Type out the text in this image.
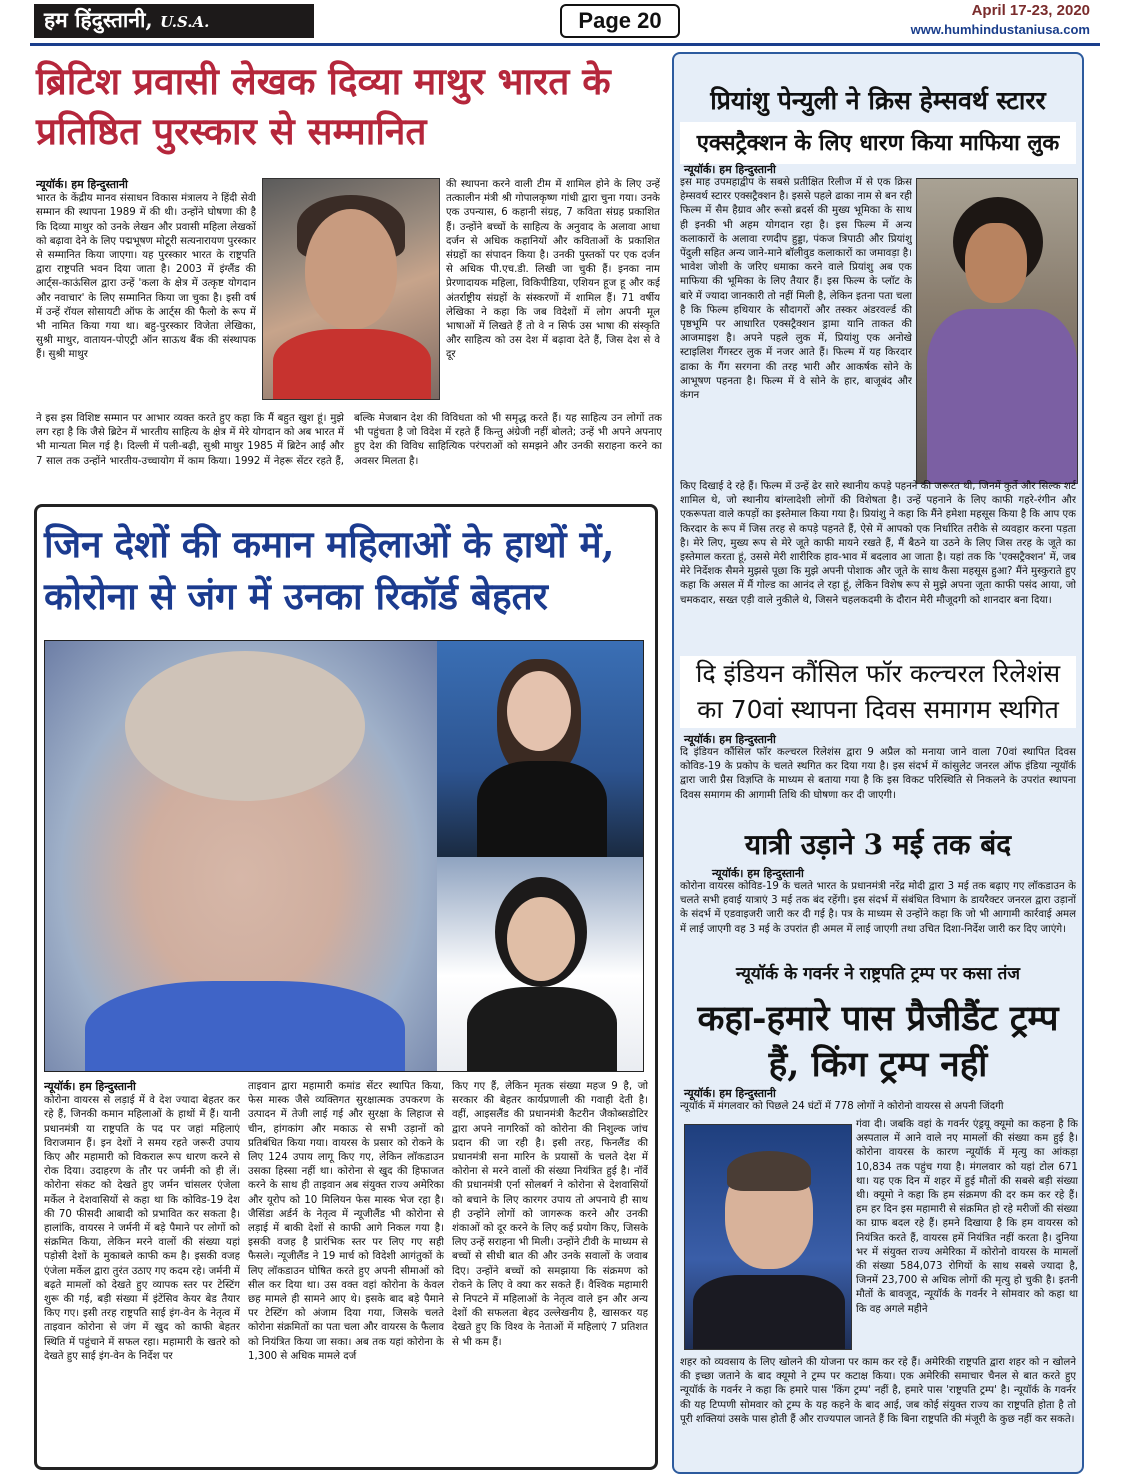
हम हिंदुस्तानी, U.S.A.	Page 20	April 17-23, 2020
www.humhindustaniusa.com
ब्रिटिश प्रवासी लेखक दिव्या माथुर भारत के प्रतिष्ठित पुरस्कार से सम्मानित
न्यूयॉर्क। हम हिन्दुस्तानी
भारत के केंद्रीय मानव संसाधन विकास मंत्रालय ने हिंदी सेवी सम्मान की स्थापना 1989 में की थी। उन्होंने घोषणा की है कि दिव्या माथुर को उनके लेखन और प्रवासी महिला लेखकों को बढ़ावा देने के लिए पद्मभूषण मोटूरी सत्यनारायण पुरस्कार से सम्मानित किया जाएगा। यह पुरस्कार भारत के राष्ट्रपति द्वारा राष्ट्रपति भवन दिया जाता है। 2003 में इंग्लैंड की आर्ट्स-काऊंसिल द्वारा उन्हें 'कला के क्षेत्र में उत्कृष्ट योगदान और नवाचार' के लिए सम्मानित किया जा चुका है। इसी वर्ष में उन्हें रॉयल सोसायटी ऑफ के आर्ट्स की फैलो के रूप में भी नामित किया गया था। बहु-पुरस्कार विजेता लेखिका, सुश्री माथुर, वातायन-पोएट्री ऑन साऊथ बैंक की संस्थापक हैं। सुश्री माथुर
की स्थापना करने वाली टीम में शामिल होने के लिए उन्हें तत्कालीन मंत्री श्री गोपालकृष्ण गांधी द्वारा चुना गया। उनके एक उपन्यास, 6 कहानी संग्रह, 7 कविता संग्रह प्रकाशित हैं। उन्होंने बच्चों के साहित्य के अनुवाद के अलावा आधा दर्जन से अधिक कहानियों और कविताओं के प्रकाशित संग्रहों का संपादन किया है। उनकी पुस्तकों पर एक दर्जन से अधिक पी.एच.डी. लिखी जा चुकी हैं। इनका नाम प्रेरणादायक महिला, विकिपीडिया, एशियन हूज हू और कई अंतर्राष्ट्रीय संग्रहों के संस्करणों में शामिल हैं। 71 वर्षीय लेखिका ने कहा कि जब विदेशों में लोग अपनी मूल भाषाओं में लिखते हैं तो वे न सिर्फ उस भाषा की संस्कृति और साहित्य को उस देश में बढ़ावा देते हैं, जिस देश से वे दूर
ने इस इस विशिष्ट सम्मान पर आभार व्यक्त करते हुए कहा कि मैं बहुत खुश हूं। मुझे लग रहा है कि जैसे ब्रिटेन में भारतीय साहित्य के क्षेत्र में मेरे योगदान को अब भारत में भी मान्यता मिल गई है। दिल्ली में पली-बढ़ी, सुश्री माथुर 1985 में ब्रिटेन आईं और 7 साल तक उन्होंने भारतीय-उच्चायोग में काम किया। 1992 में नेहरू सेंटर रहते हैं, बल्कि मेजबान देश की विविधता को भी समृद्ध करते हैं। यह साहित्य उन लोगों तक भी पहुंचता है जो विदेश में रहते हैं किन्तु अंग्रेजी नहीं बोलते; उन्हें भी अपने अपनाए हुए देश की विविध साहित्यिक परंपराओं को समझने और उनकी सराहना करने का अवसर मिलता है।
जिन देशों की कमान महिलाओं के हाथों में, कोरोना से जंग में उनका रिकॉर्ड बेहतर
न्यूयॉर्क। हम हिन्दुस्तानी
कोरोना वायरस से लड़ाई में वे देश ज्यादा बेहतर कर रहे हैं, जिनकी कमान महिलाओं के हाथों में हैं। यानी प्रधानमंत्री या राष्ट्रपति के पद पर जहां महिलाएं विराजमान हैं। इन देशों ने समय रहते जरूरी उपाय किए और महामारी को विकराल रूप धारण करने से रोक दिया। उदाहरण के तौर पर जर्मनी को ही लें। कोरोना संकट को देखते हुए जर्मन चांसलर एंजेला मर्केल ने देशवासियों से कहा था कि कोविड-19 देश की 70 फीसदी आबादी को प्रभावित कर सकता है। हालांकि, वायरस ने जर्मनी में बड़े पैमाने पर लोगों को संक्रमित किया, लेकिन मरने वालों की संख्या यहां पड़ोसी देशों के मुकाबले काफी कम है। इसकी वजह एंजेला मर्केल द्वारा तुरंत उठाए गए कदम रहे। जर्मनी में बढ़ते मामलों को देखते हुए व्यापक स्तर पर टेस्टिंग शुरू की गई, बड़ी संख्या में इंटेंसिव केयर बेड तैयार किए गए। इसी तरह राष्ट्रपति साई इंग-वेन के नेतृत्व में ताइवान कोरोना से जंग में खुद को काफी बेहतर स्थिति में पहुंचाने में सफल रहा। महामारी के खतरे को देखते हुए साई इंग-वेन के निर्देश पर
ताइवान द्वारा महामारी कमांड सेंटर स्थापित किया, फेस मास्क जैसे व्यक्तिगत सुरक्षात्मक उपकरण के उत्पादन में तेजी लाई गई और सुरक्षा के लिहाज से चीन, हांगकांग और मकाऊ से सभी उड़ानों को प्रतिबंधित किया गया। वायरस के प्रसार को रोकने के लिए 124 उपाय लागू किए गए, लेकिन लॉकडाउन उसका हिस्सा नहीं था। कोरोना से खुद की हिफाजत करने के साथ ही ताइवान अब संयुक्त राज्य अमेरिका और यूरोप को 10 मिलियन फेस मास्क भेज रहा है। जैसिंडा अर्डर्न के नेतृत्व में न्यूजीलैंड भी कोरोना से लड़ाई में बाकी देशों से काफी आगे निकल गया है। इसकी वजह है प्रारंभिक स्तर पर लिए गए सही फैसले। न्यूजीलैंड ने 19 मार्च को विदेशी आगंतुकों के लिए लॉकडाउन घोषित करते हुए अपनी सीमाओं को सील कर दिया था। उस वक्त वहां कोरोना के केवल छह मामले ही सामने आए थे। इसके बाद बड़े पैमाने पर टेस्टिंग को अंजाम दिया गया, जिसके चलते कोरोना संक्रमितों का पता चला और वायरस के फैलाव को नियंत्रित किया जा सका। अब तक यहां कोरोना के 1,300 से अधिक मामले दर्ज
किए गए हैं, लेकिन मृतक संख्या महज 9 है, जो सरकार की बेहतर कार्यप्रणाली की गवाही देती है। वहीं, आइसलैंड की प्रधानमंत्री कैटरीन जैकोब्सडोटिर द्वारा अपने नागरिकों को कोरोना की निशुल्क जांच प्रदान की जा रही है। इसी तरह, फिनलैंड की प्रधानमंत्री सना मारिन के प्रयासों के चलते देश में कोरोना से मरने वालों की संख्या नियंत्रित हुई है। नॉर्वे की प्रधानमंत्री एर्ना सोलबर्ग ने कोरोना से देशवासियों को बचाने के लिए कारगर उपाय तो अपनाये ही साथ ही उन्होंने लोगों को जागरूक करने और उनकी शंकाओं को दूर करने के लिए कई प्रयोग किए, जिसके लिए उन्हें सराहना भी मिली। उन्होंने टीवी के माध्यम से बच्चों से सीधी बात की और उनके सवालों के जवाब दिए। उन्होंने बच्चों को समझाया कि संक्रमण को रोकने के लिए वे क्या कर सकते हैं। वैश्विक महामारी से निपटने में महिलाओं के नेतृत्व वाले इन और अन्य देशों की सफलता बेहद उल्लेखनीय है, खासकर यह देखते हुए कि विश्व के नेताओं में महिलाएं 7 प्रतिशत से भी कम हैं।
प्रियांशु पेन्युली ने क्रिस हेम्सवर्थ स्टारर
एक्सट्रैक्शन के लिए धारण किया माफिया लुक
न्यूयॉर्क। हम हिन्दुस्तानी
इस माह उपमहाद्वीप के सबसे प्रतीक्षित रिलीज में से एक क्रिस हेम्सवर्थ स्टारर एक्सट्रैक्शन है। इससे पहले ढाका नाम से बन रही फिल्म में सैम हैग्राव और रूसो ब्रदर्स की मुख्य भूमिका के साथ ही इनकी भी अहम योगदान रहा है। इस फिल्म में अन्य कलाकारों के अलावा रणदीप हुड्डा, पंकज त्रिपाठी और प्रियांशु पेंदुली सहित अन्य जाने-माने बॉलीवुड कलाकारों का जमावड़ा है। भावेश जोशी के जरिए धमाका करने वाले प्रियांशु अब एक माफिया की भूमिका के लिए तैयार हैं। इस फिल्म के प्लॉट के बारे में ज्यादा जानकारी तो नहीं मिली है, लेकिन इतना पता चला है कि फिल्म हथियार के सौदागरों और तस्कर अंडरवर्ल्ड की पृष्ठभूमि पर आधारित एक्सट्रैक्शन ड्रामा यानि ताकत की आजमाइश है। अपने पहले लुक में, प्रियांशु एक अनोखे स्टाइलिश गैंगस्टर लुक में नजर आते हैं। फिल्म में यह किरदार ढाका के गैंग सरगना की तरह भारी और आकर्षक सोने के आभूषण पहनता है। फिल्म में वे सोने के हार, बाजूबंद और कंगन
किए दिखाई दे रहे हैं। फिल्म में उन्हें ढेर सारे स्थानीय कपड़े पहनने की जरूरत थी, जिनमें कुर्ते और सिल्क शर्ट शामिल थे, जो स्थानीय बांग्लादेशी लोगों की विशेषता है। उन्हें पहनाने के लिए काफी गहरे-रंगीन और एकरूपता वाले कपड़ों का इस्तेमाल किया गया है। प्रियांशु ने कहा कि मैंने हमेशा महसूस किया है कि आप एक किरदार के रूप में जिस तरह से कपड़े पहनते हैं, ऐसे में आपको एक निर्धारित तरीके से व्यवहार करना पड़ता है। मेरे लिए, मुख्य रूप से मेरे जूते काफी मायने रखते हैं, मैं बैठने या उठने के लिए जिस तरह के जूते का इस्तेमाल करता हूं, उससे मेरी शारीरिक हाव-भाव में बदलाव आ जाता है। यहां तक कि 'एक्सट्रैक्शन' में, जब मेरे निर्देशक सैमने मुझसे पूछा कि मुझे अपनी पोशाक और जूते के साथ कैसा महसूस हुआ? मैंने मुस्कुराते हुए कहा कि असल में मैं गोल्ड का आनंद ले रहा हूं, लेकिन विशेष रूप से मुझे अपना जूता काफी पसंद आया, जो चमकदार, सख्त एड़ी वाले नुकीले थे, जिसने चहलकदमी के दौरान मेरी मौजूदगी को शानदार बना दिया।
दि इंडियन कौंसिल फॉर कल्चरल रिलेशंस का 70वां स्थापना दिवस समागम स्थगित
न्यूयॉर्क। हम हिन्दुस्तानी
दि इंडियन कौंसिल फॉर कल्चरल रिलेशंस द्वारा 9 अप्रैल को मनाया जाने वाला 70वां स्थापित दिवस कोविड-19 के प्रकोप के चलते स्थगित कर दिया गया है। इस संदर्भ में कांसुलेट जनरल ऑफ इंडिया न्यूयॉर्क द्वारा जारी प्रैस विज्ञप्ति के माध्यम से बताया गया है कि इस विकट परिस्थिति से निकलने के उपरांत स्थापना दिवस समागम की आगामी तिथि की घोषणा कर दी जाएगी।
यात्री उड़ाने 3 मई तक बंद
न्यूयॉर्क। हम हिन्दुस्तानी
कोरोना वायरस कोविड-19 के चलते भारत के प्रधानमंत्री नरेंद्र मोदी द्वारा 3 मई तक बढ़ाए गए लॉकडाउन के चलते सभी हवाई यात्राएं 3 मई तक बंद रहेंगी। इस संदर्भ में संबंधित विभाग के डायरैक्टर जनरल द्वारा उड़ानों के संदर्भ में एडवाइजरी जारी कर दी गई है। पत्र के माध्यम से उन्होंने कहा कि जो भी आगामी कार्रवाई अमल में लाई जाएगी वह 3 मई के उपरांत ही अमल में लाई जाएगी तथा उचित दिशा-निर्देश जारी कर दिए जाएंगे।
न्यूयॉर्क के गवर्नर ने राष्ट्रपति ट्रम्प पर कसा तंज
कहा-हमारे पास प्रैजीडैंट ट्रम्प हैं, किंग ट्रम्प नहीं
न्यूयॉर्क। हम हिन्दुस्तानी
न्यूयॉर्क में मंगलवार को पिछले 24 घंटों में 778 लोगों ने कोरोनो वायरस से अपनी जिंदगी
गंवा दी। जबकि वहां के गवर्नर एंड्रयू क्यूमो का कहना है कि अस्पताल में आने वाले नए मामलों की संख्या कम हुई है। कोरोना वायरस के कारण न्यूयॉर्क में मृत्यु का आंकड़ा 10,834 तक पहुंच गया है। मंगलवार को यहां टोल 671 था। यह एक दिन में शहर में हुई मौतों की सबसे बड़ी संख्या थी। क्यूमो ने कहा कि हम संक्रमण की दर कम कर रहे हैं। हम हर दिन इस महामारी से संक्रमित हो रहे मरीजों की संख्या का ग्राफ बदल रहे हैं। हमने दिखाया है कि हम वायरस को नियंत्रित करते हैं, वायरस हमें नियंत्रित नहीं करता है। दुनिया भर में संयुक्त राज्य अमेरिका में कोरोनो वायरस के मामलों की संख्या 584,073 रोगियों के साथ सबसे ज्यादा है, जिनमें 23,700 से अधिक लोगों की मृत्यु हो चुकी है। इतनी मौतों के बावजूद, न्यूयॉर्क के गवर्नर ने सोमवार को कहा था कि वह अगले महीने
शहर को व्यवसाय के लिए खोलने की योजना पर काम कर रहे हैं। अमेरिकी राष्ट्रपति द्वारा शहर को न खोलने की इच्छा जताने के बाद क्यूमो ने ट्रम्प पर कटाक्ष किया। एक अमेरिकी समाचार चैनल से बात करते हुए न्यूयॉर्क के गवर्नर ने कहा कि हमारे पास 'किंग ट्रम्प' नहीं है, हमारे पास 'राष्ट्रपति ट्रम्प' है। न्यूयॉर्क के गवर्नर की यह टिप्पणी सोमवार को ट्रम्प के यह कहने के बाद आई, जब कोई संयुक्त राज्य का राष्ट्रपति होता है तो पूरी शक्तियां उसके पास होती हैं और राज्यपाल जानते हैं कि बिना राष्ट्रपति की मंजूरी के कुछ नहीं कर सकते।
